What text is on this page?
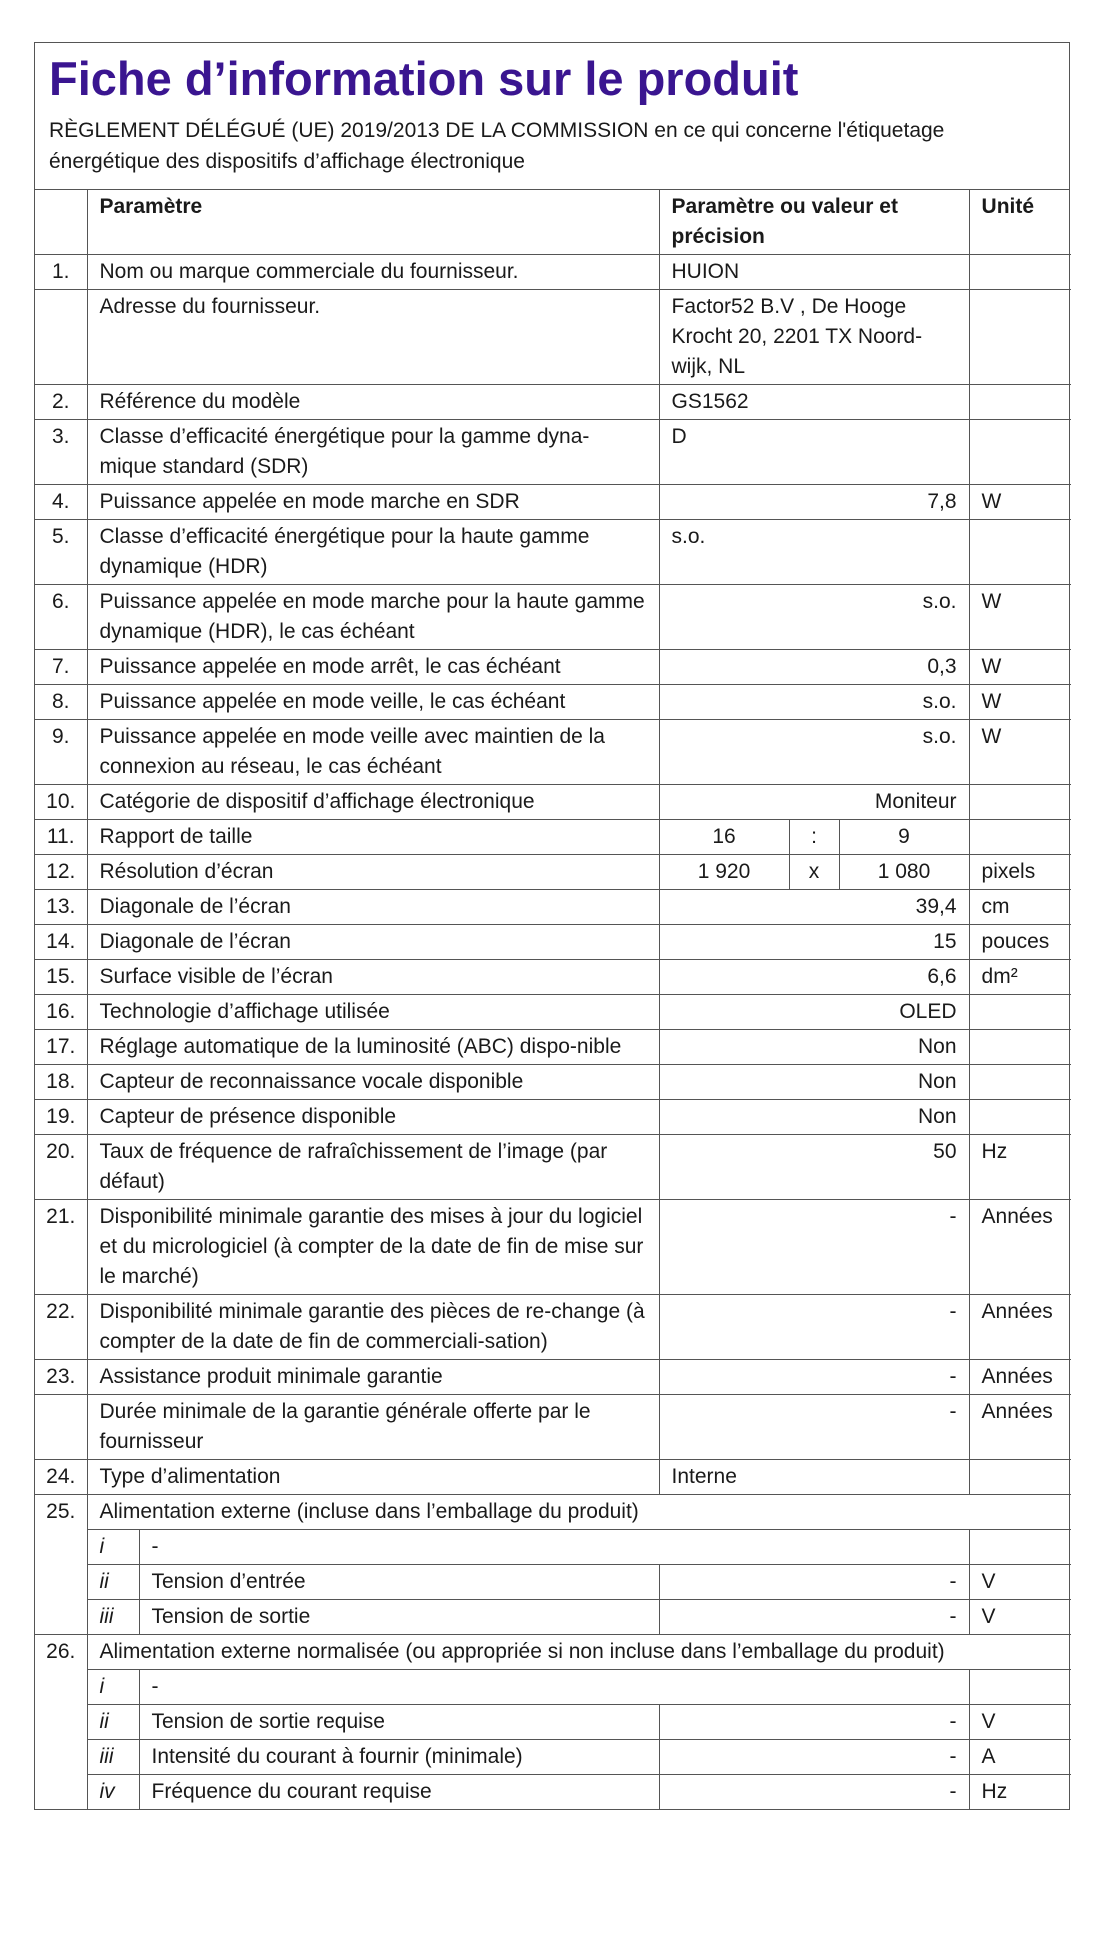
Fiche d’information sur le produit
RÈGLEMENT DÉLÉGUÉ (UE) 2019/2013 DE LA COMMISSION en ce qui concerne l'étiquetage énergétique des dispositifs d’affichage électronique
	Paramètre		Paramètre ou valeur et précision			Unité
1.	Nom ou marque commerciale du fournisseur.		HUION			
	Adresse du fournisseur.		Factor52 B.V , De Hooge Krocht 20, 2201 TX Noord-wijk, NL			
2.	Référence du modèle		GS1562			
3.	Classe d’efficacité énergétique pour la gamme dyna-mique standard (SDR)		D			
4.	Puissance appelée en mode marche en SDR		7,8			W
5.	Classe d’efficacité énergétique pour la haute gamme dynamique (HDR)		s.o.			
6.	Puissance appelée en mode marche pour la haute gamme dynamique (HDR), le cas échéant		s.o.			W
7.	Puissance appelée en mode arrêt, le cas échéant		0,3			W
8.	Puissance appelée en mode veille, le cas échéant		s.o.			W
9.	Puissance appelée en mode veille avec maintien de la connexion au réseau, le cas échéant		s.o.			W
10.	Catégorie de dispositif d’affichage électronique		Moniteur			
11.	Rapport de taille		16	:	9	
12.	Résolution d’écran		1 920	x	1 080	pixels
13.	Diagonale de l’écran		39,4			cm
14.	Diagonale de l’écran		15			pouces
15.	Surface visible de l’écran		6,6			dm²
16.	Technologie d’affichage utilisée		OLED			
17.	Réglage automatique de la luminosité (ABC) dispo-nible		Non			
18.	Capteur de reconnaissance vocale disponible		Non			
19.	Capteur de présence disponible		Non			
20.	Taux de fréquence de rafraîchissement de l’image (par défaut)		50			Hz
21.	Disponibilité minimale garantie des mises à jour du logiciel et du micrologiciel (à compter de la date de fin de mise sur le marché)		-			Années
22.	Disponibilité minimale garantie des pièces de re-change (à compter de la date de fin de commerciali-sation)		-			Années
23.	Assistance produit minimale garantie		-			Années
	Durée minimale de la garantie générale offerte par le fournisseur		-			Années
24.	Type d’alimentation		Interne			
25.	Alimentation externe (incluse dans l’emballage du produit)					
	i	-				
	ii	Tension d’entrée	-			V
	iii	Tension de sortie	-			V
26.	Alimentation externe normalisée (ou appropriée si non incluse dans l’emballage du produit)					
	i	-				
	ii	Tension de sortie requise	-			V
	iii	Intensité du courant à fournir (minimale)	-			A
	iv	Fréquence du courant requise	-			Hz
